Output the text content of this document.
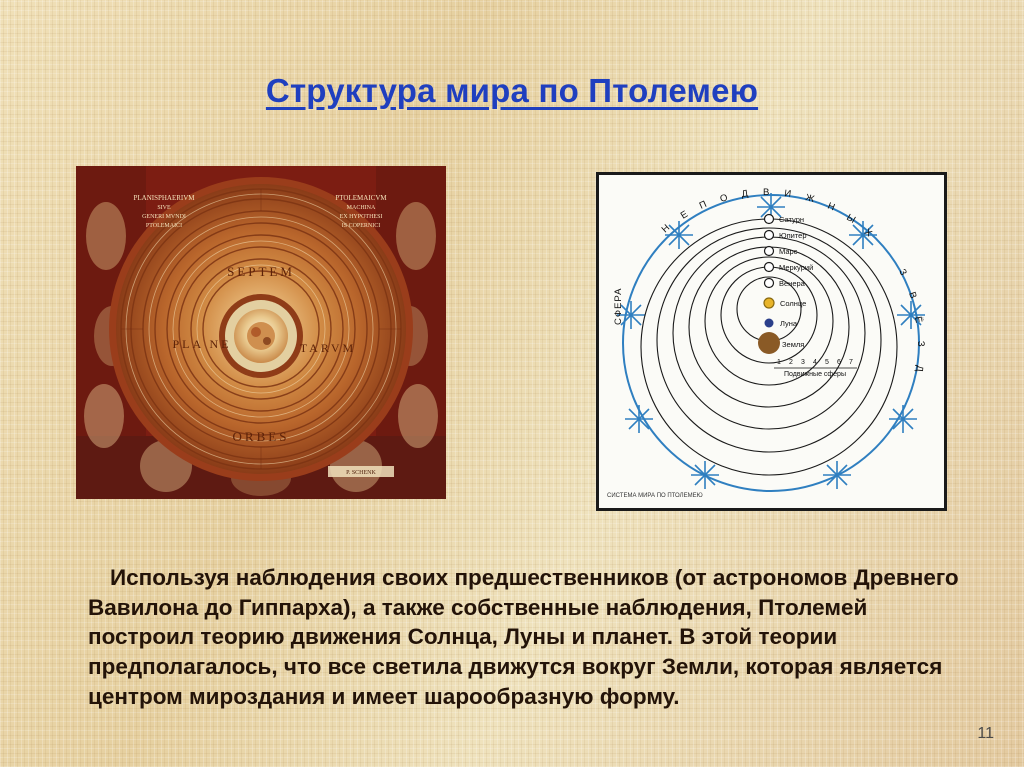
Структура мира по Птолемею
PLANISPHAERIVM
SIVE
GENERI MVNDI
PTOLEMAICI
PTOLEMAICVM
MACHINA
EX HYPOTHESI
IS COPERNICI
SEPTEM
PLA NE	TARVM
ORBES
P. SCHENK
Сатурн
Юпитер
Марс
Меркурий
Венера
Солнце
Луна
Земля
1 2 3 4 5 6 7
Подвижные сферы
СФЕРА
Н
Е
П
О Д В И Ж
Н
Ы
Х
З
В
Ё
З
Д
СИСТЕМА МИРА ПО ПТОЛЕМЕЮ
Используя наблюдения своих предшественников (от астрономов Древнего Вавилона до Гиппарха), а также собственные наблюдения, Птолемей построил теорию движения Солнца, Луны и планет. В этой теории предполагалось, что все светила движутся вокруг Земли, которая является центром мироздания и имеет шарообразную форму.
11
